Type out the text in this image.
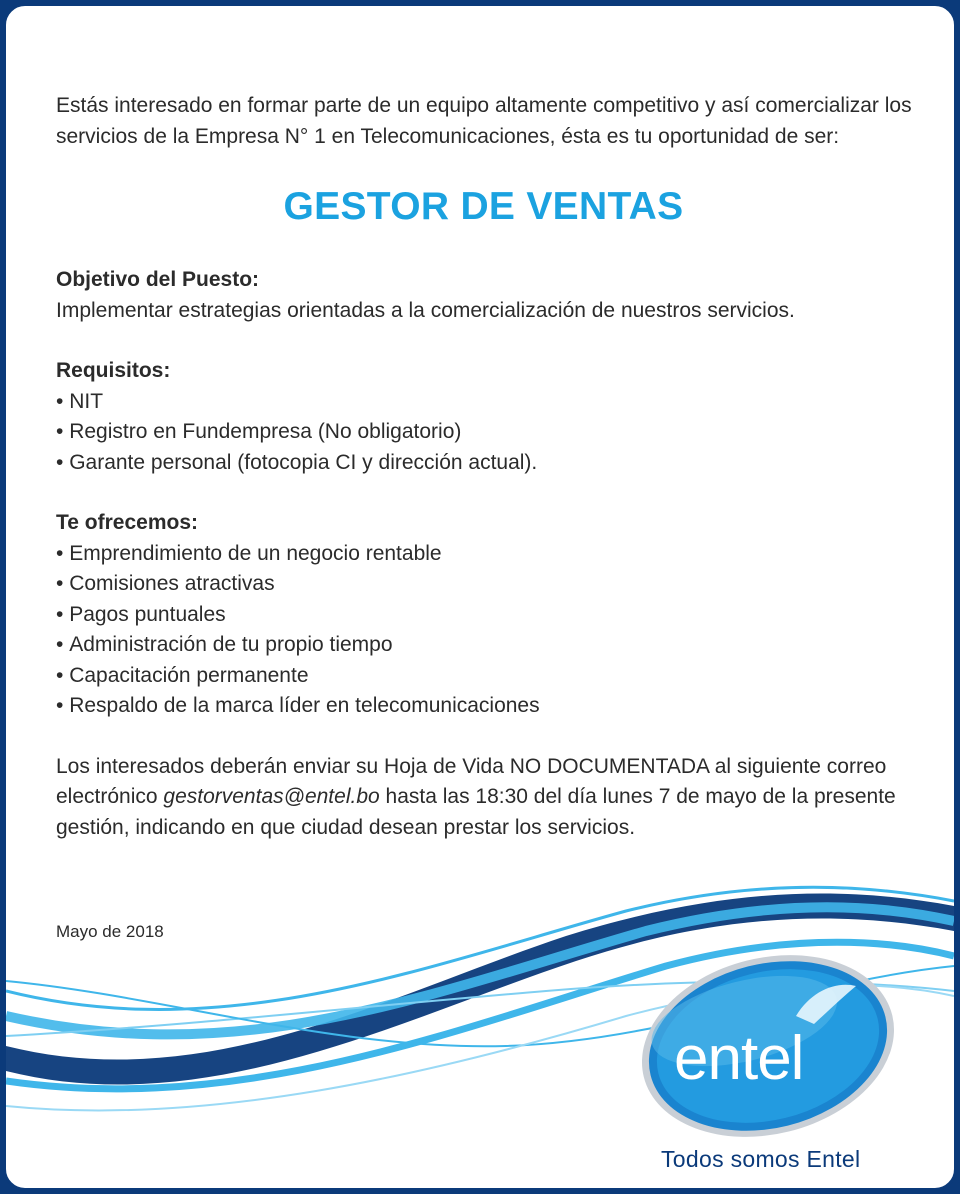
entel

Estás interesado en formar parte de un equipo altamente competitivo y así comercializar los servicios de la Empresa N° 1 en Telecomunicaciones, ésta es tu oportunidad de ser:

GESTOR DE VENTAS

Objetivo del Puesto:

Implementar estrategias orientadas a la comercialización de nuestros servicios.

Requisitos:

• NIT
• Registro en Fundempresa (No obligatorio)
• Garante personal (fotocopia CI y dirección actual).

Te ofrecemos:

• Emprendimiento de un negocio rentable
• Comisiones atractivas
• Pagos puntuales
• Administración de tu propio tiempo
• Capacitación permanente
• Respaldo de la marca líder en telecomunicaciones

Los interesados deberán enviar su Hoja de Vida NO DOCUMENTADA al siguiente correo electrónico gestorventas@entel.bo hasta las 18:30 del día lunes 7 de mayo de la presente gestión, indicando en que ciudad desean prestar los servicios.

Mayo de 2018
Todos somos Entel
